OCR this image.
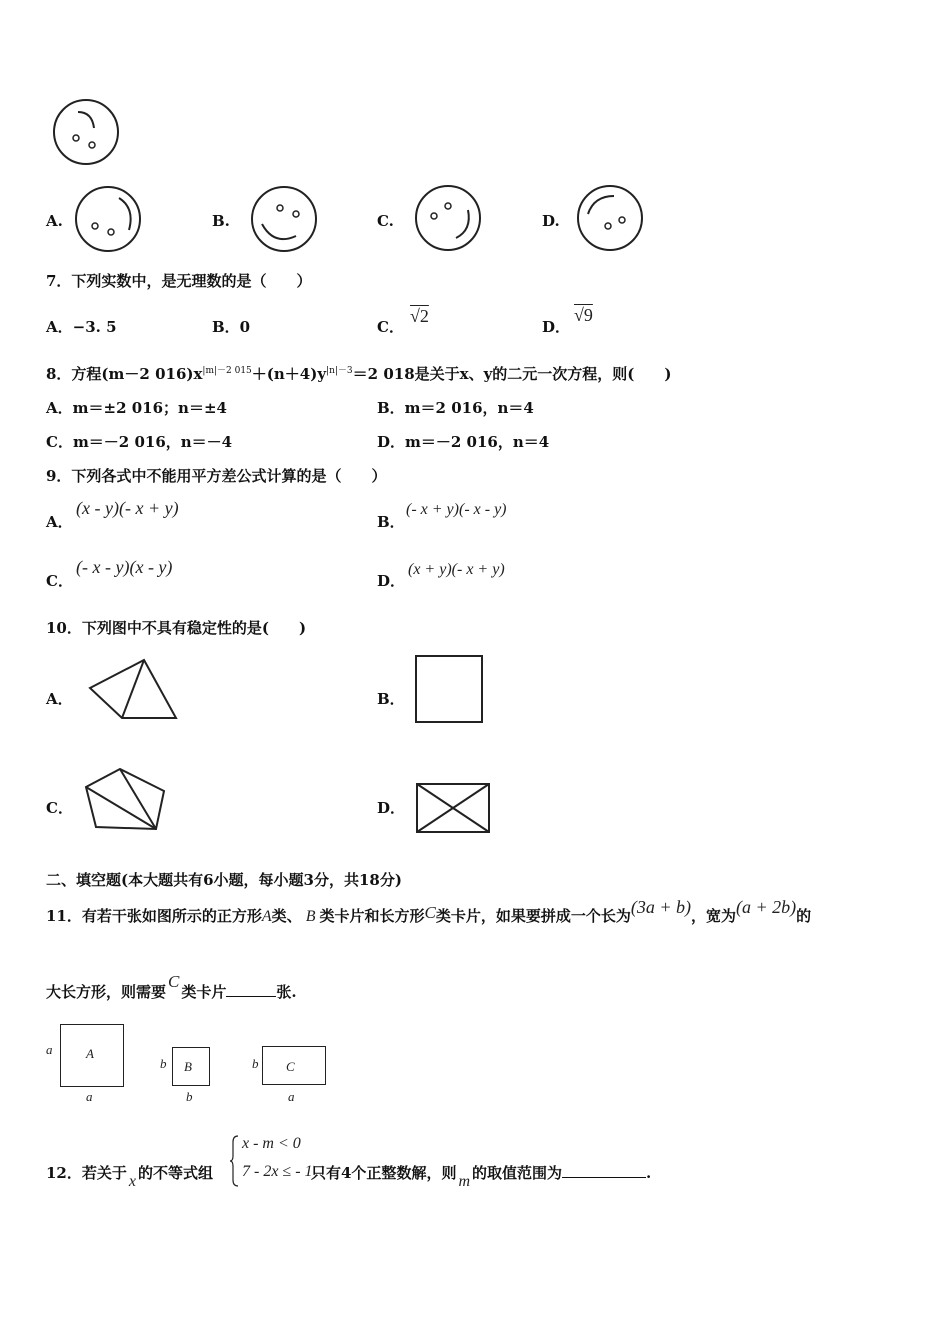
A.	B.	C.	D.
7．下列实数中，是无理数的是（　　）
A．−3. 5	B．0	C．
√2
D．
√9
8．方程(m－2 $016)x^{|m|-2 015}+(n+4)y^{|n|-3}=2$ 018是关于x、y的二元一次方程，则(　　)
A．m＝±2 016；n＝±4	B．m＝2 016，n＝4
C．m＝－2 016，n＝－4	D．m＝－2 016，n＝4
9．下列各式中不能用平方差公式计算的是（　　）
A．
(x - y)(- x + y)
B．
(- x + y)(- x - y)
C．
(- x - y)(x - y)
D．
(x + y)(- x + y)
10．下列图中不具有稳定性的是(　　)
A．	B．
C．	D．
二、填空题(本大题共有6小题，每小题3分，共18分)
11．有若干张如图所示的正方形A类、 B 类卡片和长方形C类卡片，如果要拼成一个长为(3a + b)，宽为(a + 2b)的
大长方形，则需要C类卡片	张.
a	A
a
b B
b
b C
a
12．若关于 x 的不等式组	只有4个正整数解，则 m 的取值范围为	.
x - m < 0
7 - 2x ≤ - 1
